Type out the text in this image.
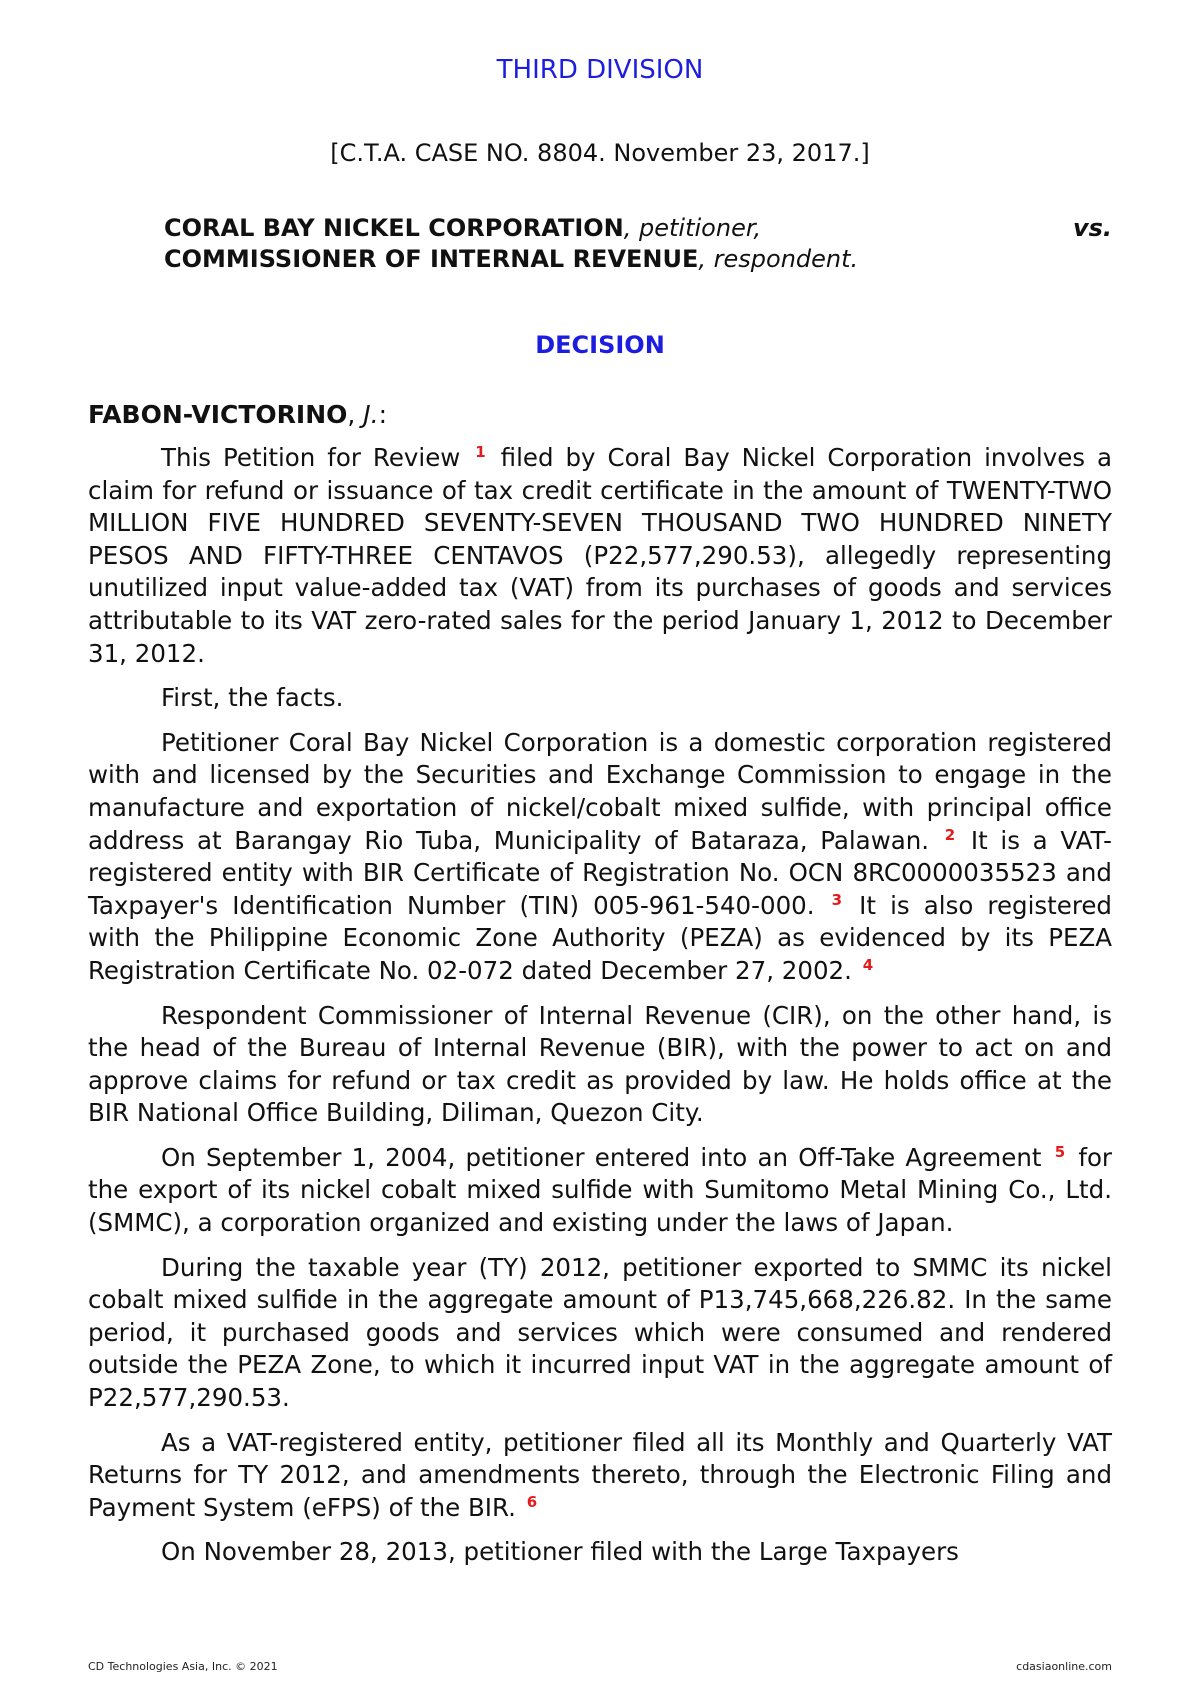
THIRD DIVISION
[C.T.A. CASE NO. 8804. November 23, 2017.]
CORAL BAY NICKEL CORPORATION, petitioner,	vs.
COMMISSIONER OF INTERNAL REVENUE, respondent.
DECISION
FABON-VICTORINO, J.:

This Petition for Review $^1$ filed by Coral Bay Nickel Corporation involves a claim for refund or issuance of tax credit certificate in the amount of TWENTY-TWO MILLION FIVE HUNDRED SEVENTY-SEVEN THOUSAND TWO HUNDRED NINETY PESOS AND FIFTY-THREE CENTAVOS (P22,577,290.53), allegedly representing unutilized input value-added tax (VAT) from its purchases of goods and services attributable to its VAT zero-rated sales for the period January 1, 2012 to December 31, 2012.

First, the facts.

Petitioner Coral Bay Nickel Corporation is a domestic corporation registered with and licensed by the Securities and Exchange Commission to engage in the manufacture and exportation of nickel/cobalt mixed sulfide, with principal office address at Barangay Rio Tuba, Municipality of Bataraza, Palawan. $^2$ It is a VAT-registered entity with BIR Certificate of Registration No. OCN 8RC0000035523 and Taxpayer's Identification Number (TIN) 005-961-540-000. $^3$ It is also registered with the Philippine Economic Zone Authority (PEZA) as evidenced by its PEZA Registration Certificate No. 02-072 dated December 27, 2002. $^4$

Respondent Commissioner of Internal Revenue (CIR), on the other hand, is the head of the Bureau of Internal Revenue (BIR), with the power to act on and approve claims for refund or tax credit as provided by law. He holds office at the BIR National Office Building, Diliman, Quezon City.

On September 1, 2004, petitioner entered into an Off-Take Agreement $^5$ for the export of its nickel cobalt mixed sulfide with Sumitomo Metal Mining Co., Ltd. (SMMC), a corporation organized and existing under the laws of Japan.

During the taxable year (TY) 2012, petitioner exported to SMMC its nickel cobalt mixed sulfide in the aggregate amount of P13,745,668,226.82. In the same period, it purchased goods and services which were consumed and rendered outside the PEZA Zone, to which it incurred input VAT in the aggregate amount of P22,577,290.53.

As a VAT-registered entity, petitioner filed all its Monthly and Quarterly VAT Returns for TY 2012, and amendments thereto, through the Electronic Filing and Payment System (eFPS) of the BIR. $^6$

On November 28, 2013, petitioner filed with the Large Taxpayers

CD Technologies Asia, Inc. © 2021	cdasiaonline.com
